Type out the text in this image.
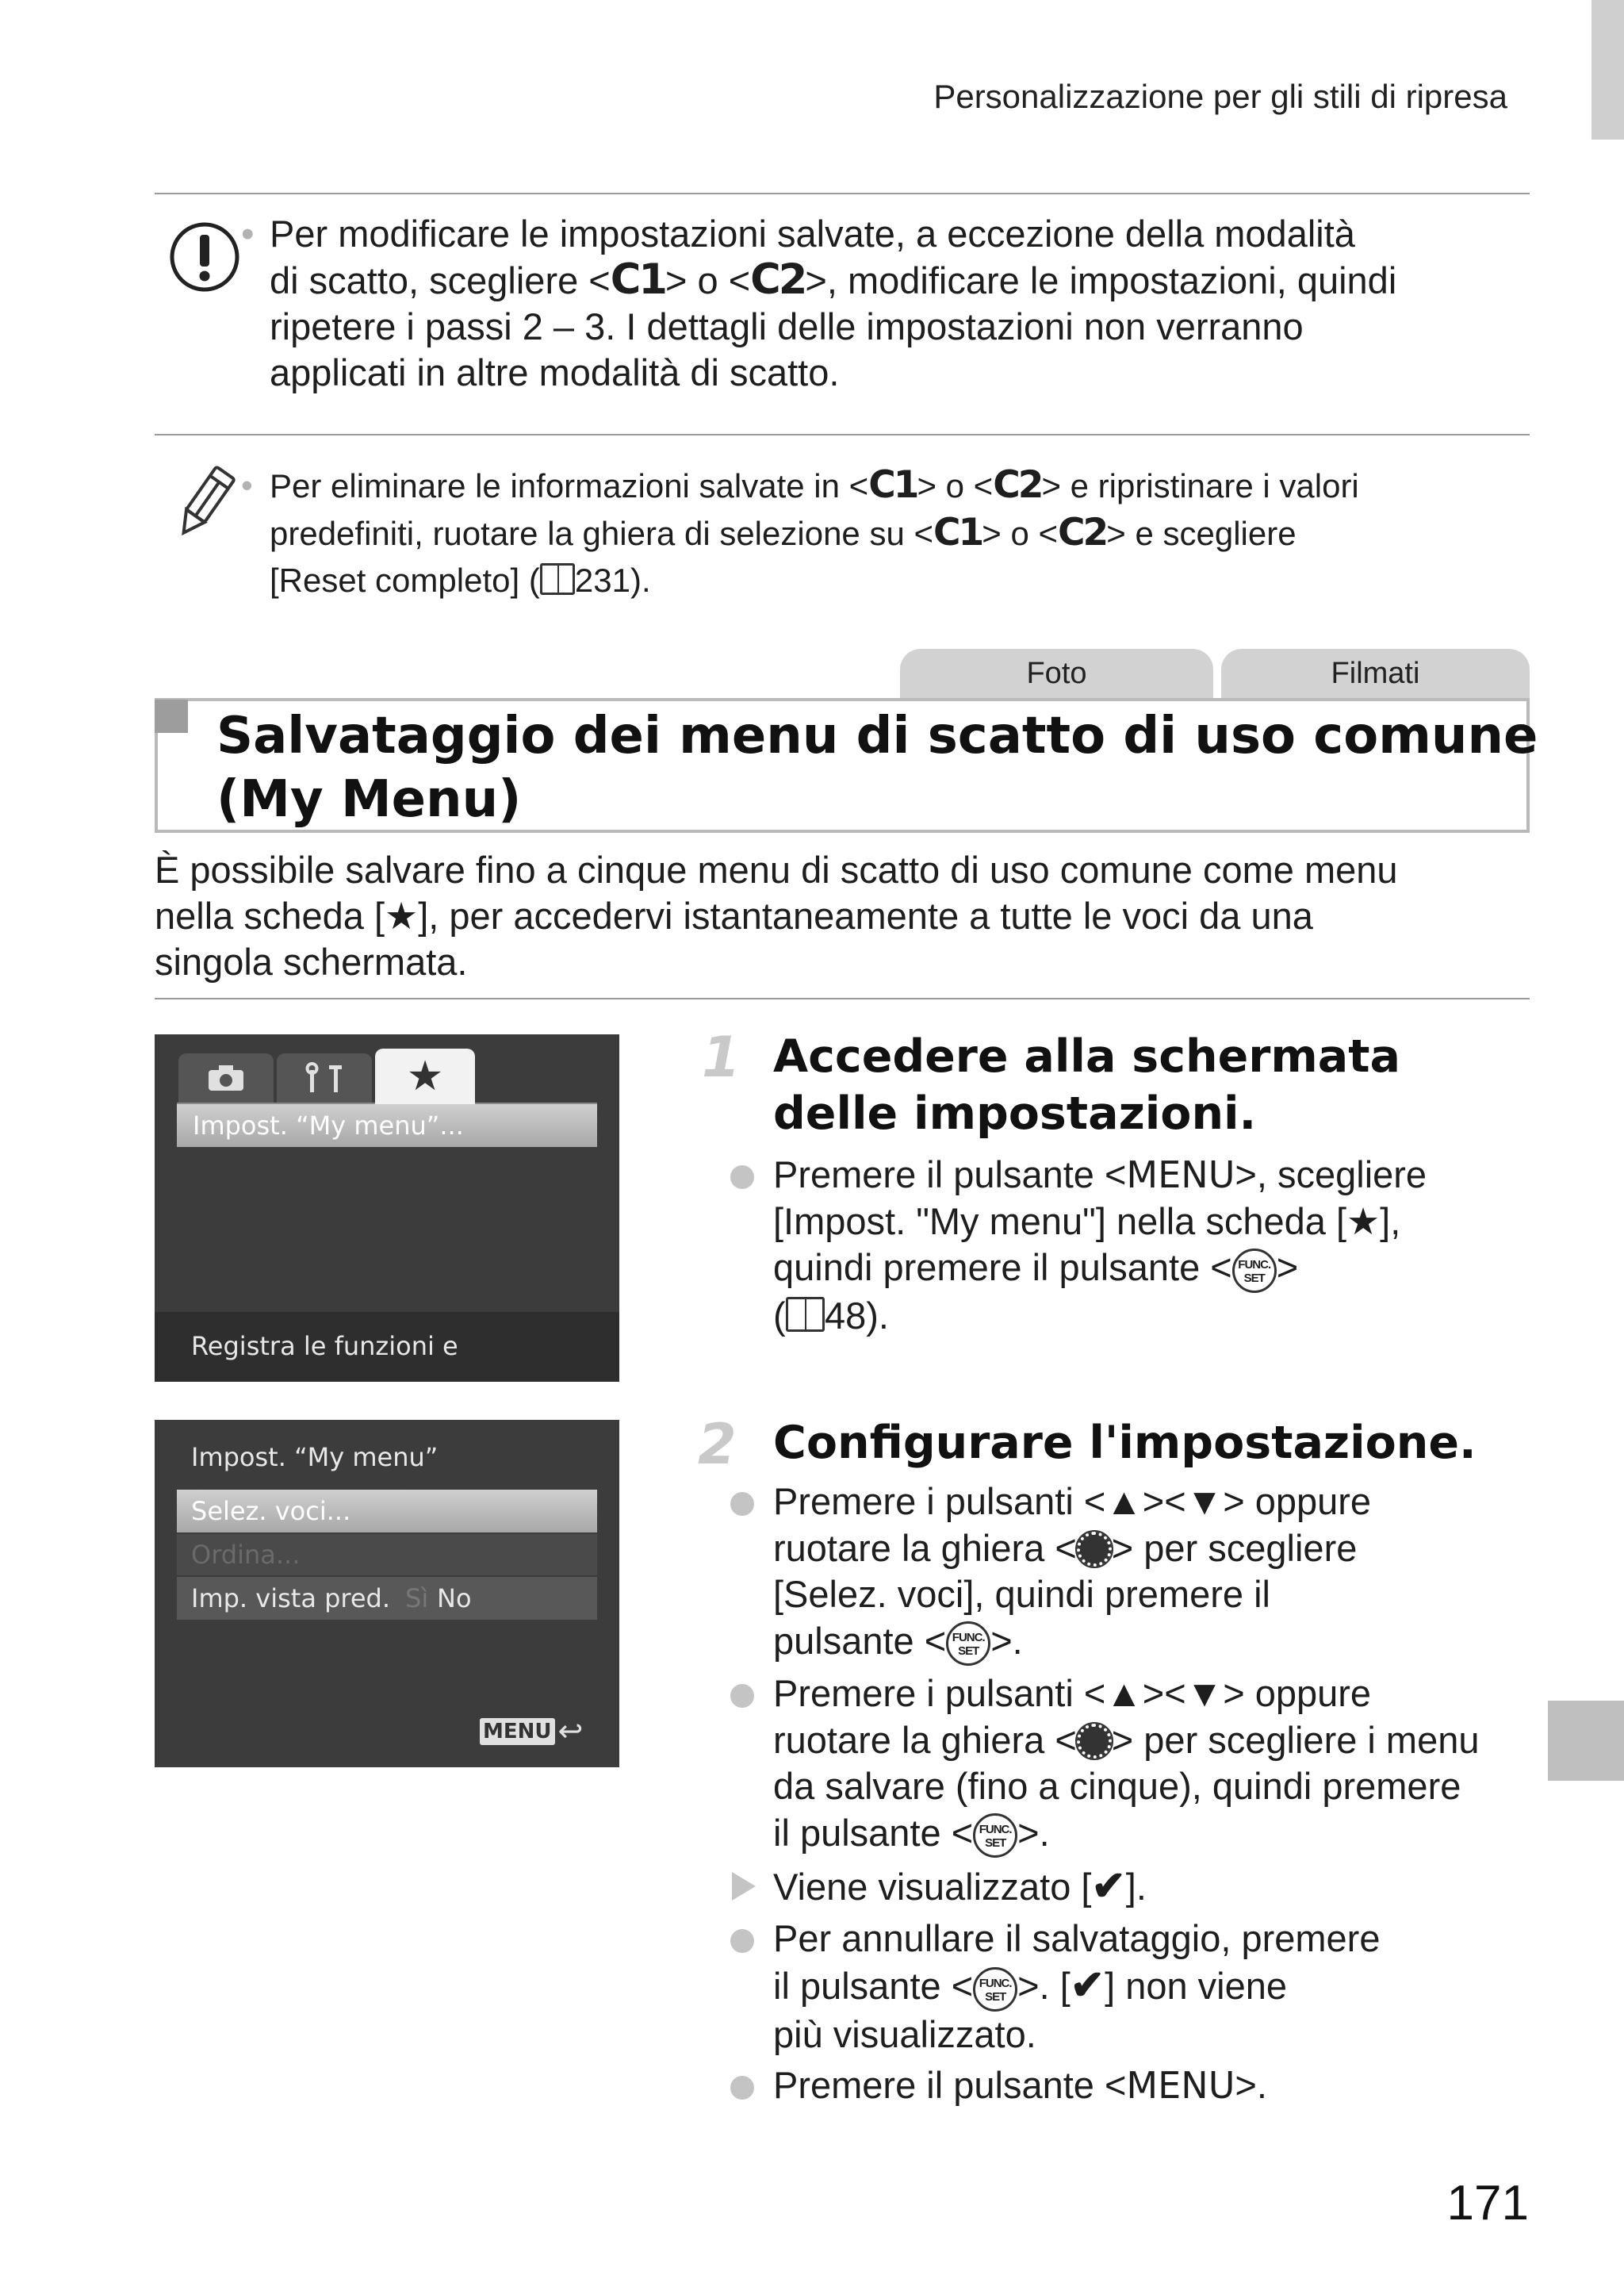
Personalizzazione per gli stili di ripresa
• Per modificare le impostazioni salvate, a eccezione della modalità

di scatto, scegliere <C1> o <C2>, modificare le impostazioni, quindi

ripetere i passi 2 – 3. I dettagli delle impostazioni non verranno

applicati in altre modalità di scatto.

• Per eliminare le informazioni salvate in <C1> o <C2> e ripristinare i valori

predefiniti, ruotare la ghiera di selezione su <C1> o <C2> e scegliere

[Reset completo] ( 231).

Foto	Filmati
Salvataggio dei menu di scatto di uso comune
(My Menu)

È possibile salvare fino a cinque menu di scatto di uso comune come menu

nella scheda [★], per accedervi istantaneamente a tutte le voci da una

singola schermata.

★
Impost. “My menu”...
Registra le funzioni e
Impost. “My menu”
Selez. voci...
Ordina...
Imp. vista pred. Sì No
MENU ↩
1 Accedere alla schermata
delle impostazioni.

Premere il pulsante <MENU>, scegliere

[Impost. "My menu"] nella scheda [★],

quindi premere il pulsante < FUNC.
SET >

( 48).

2 Configurare l'impostazione.

Premere i pulsanti <▲><▼> oppure

ruotare la ghiera < > per scegliere

[Selez. voci], quindi premere il

pulsante < FUNC.
SET >.

Premere i pulsanti <▲><▼> oppure

ruotare la ghiera < > per scegliere i menu

da salvare (fino a cinque), quindi premere

il pulsante < FUNC.
SET >.

Viene visualizzato [✔].

Per annullare il salvataggio, premere

il pulsante < FUNC.
SET >. [✔] non viene

più visualizzato.

Premere il pulsante <MENU>.

171
